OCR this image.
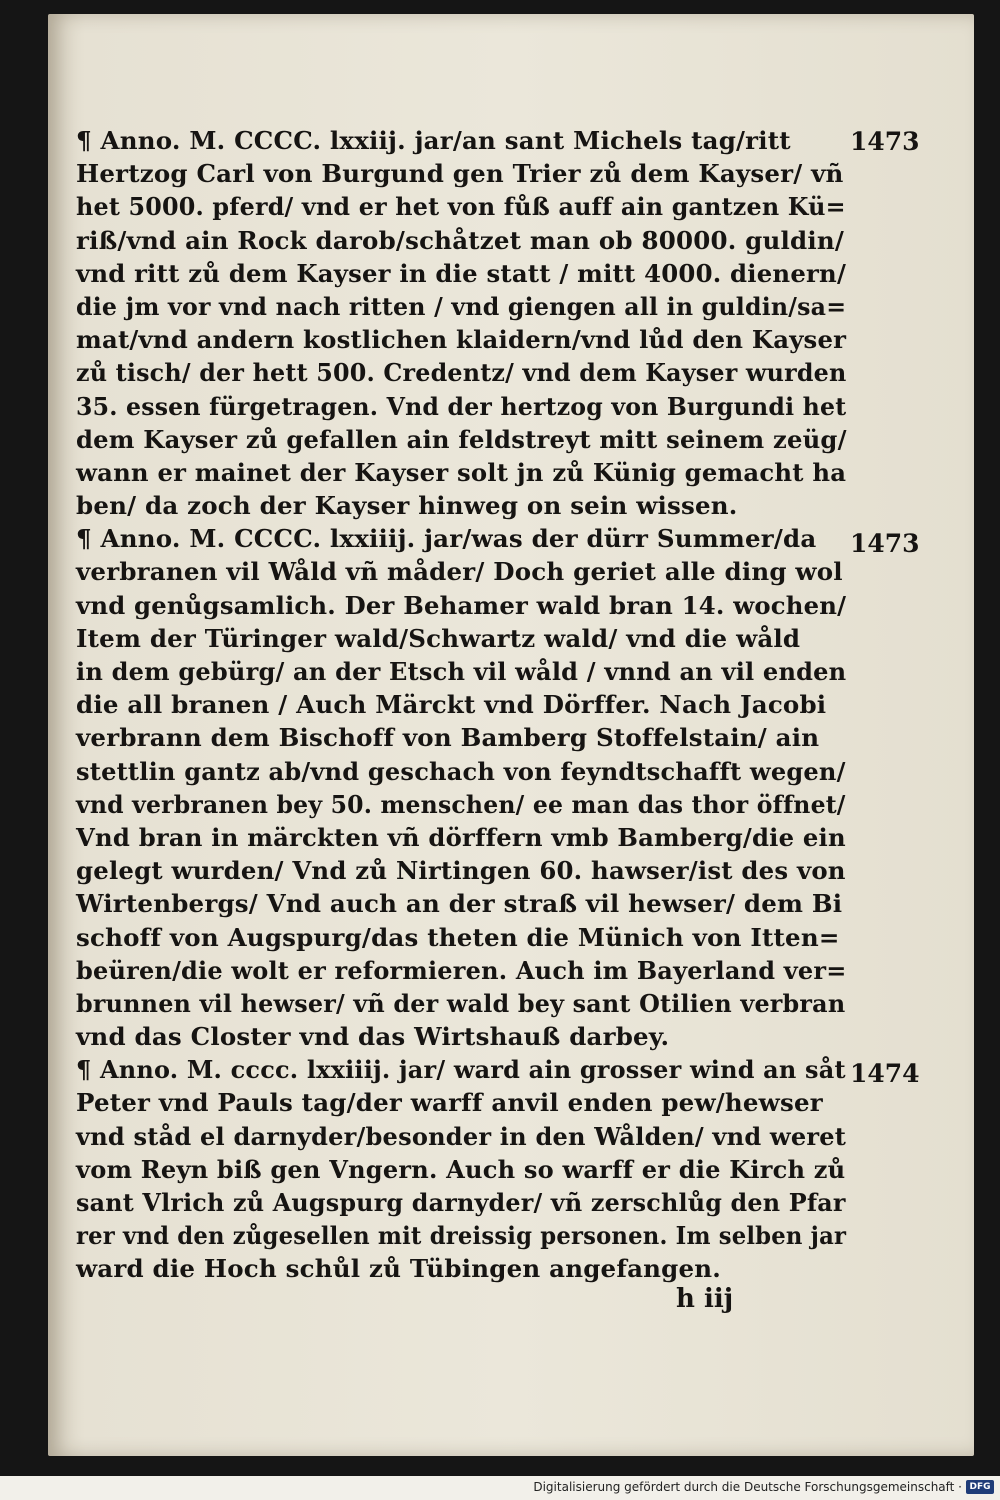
¶ Anno. M. CCCC. lxxiij. jar/an sant Michels tag/ritt
Hertzog Carl von Burgund gen Trier zů dem Kayser/ vñ
het 5000. pferd/ vnd er het von fůß auff ain gantzen Kü=
riß/vnd ain Rock darob/schåtzet man ob 80000. guldin/
vnd ritt zů dem Kayser in die statt / mitt 4000. dienern/
die jm vor vnd nach ritten / vnd giengen all in guldin/sa=
mat/vnd andern kostlichen klaidern/vnd lůd den Kayser
zů tisch/ der hett 500. Credentz/ vnd dem Kayser wurden
35. essen fürgetragen. Vnd der hertzog von Burgundi het
dem Kayser zů gefallen ain feldstreyt mitt seinem zeüg/
wann er mainet der Kayser solt jn zů Künig gemacht ha
ben/ da zoch der Kayser hinweg on sein wissen.
¶ Anno. M. CCCC. lxxiiij. jar/was der dürr Summer/da
verbranen vil Wåld vñ måder/ Doch geriet alle ding wol
vnd genůgsamlich. Der Behamer wald bran 14. wochen/
Item der Türinger wald/Schwartz wald/ vnd die wåld
in dem gebürg/ an der Etsch vil wåld / vnnd an vil enden
die all branen / Auch Märckt vnd Dörffer. Nach Jacobi
verbrann dem Bischoff von Bamberg Stoffelstain/ ain
stettlin gantz ab/vnd geschach von feyndtschafft wegen/
vnd verbranen bey 50. menschen/ ee man das thor öffnet/
Vnd bran in märckten vñ dörffern vmb Bamberg/die ein
gelegt wurden/ Vnd zů Nirtingen 60. hawser/ist des von
Wirtenbergs/ Vnd auch an der straß vil hewser/ dem Bi
schoff von Augspurg/das theten die Münich von Itten=
beüren/die wolt er reformieren. Auch im Bayerland ver=
brunnen vil hewser/ vñ der wald bey sant Otilien verbran
vnd das Closter vnd das Wirtshauß darbey.
¶ Anno. M. cccc. lxxiiij. jar/ ward ain grosser wind an såt
Peter vnd Pauls tag/der warff anvil enden pew/hewser
vnd ståd el darnyder/besonder in den Wålden/ vnd weret
vom Reyn biß gen Vngern. Auch so warff er die Kirch zů
sant Vlrich zů Augspurg darnyder/ vñ zerschlůg den Pfar
rer vnd den zůgesellen mit dreissig personen. Im selben jar
ward die Hoch schůl zů Tübingen angefangen.
1473
1473
1474
h iij
Digitalisierung gefördert durch die Deutsche Forschungsgemeinschaft · DFG
